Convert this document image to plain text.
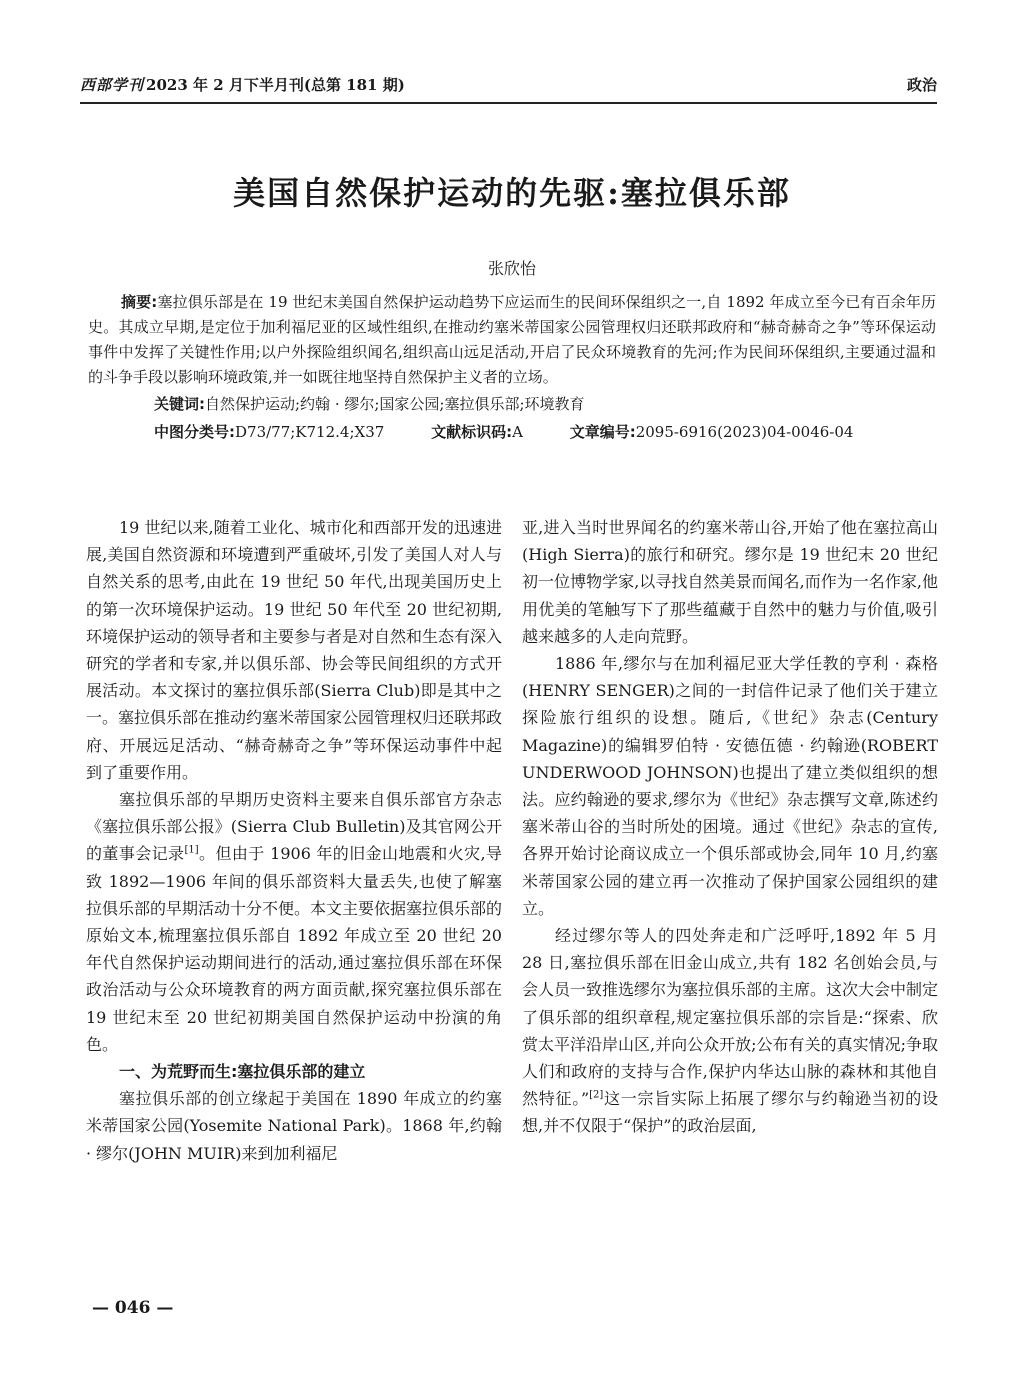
西部学刊 2023 年 2 月下半月刊(总第 181 期)	政治
美国自然保护运动的先驱:塞拉俱乐部
张欣怡

摘要:塞拉俱乐部是在 19 世纪末美国自然保护运动趋势下应运而生的民间环保组织之一,自 1892 年成立至今已有百余年历史。其成立早期,是定位于加利福尼亚的区域性组织,在推动约塞米蒂国家公园管理权归还联邦政府和“赫奇赫奇之争”等环保运动事件中发挥了关键性作用;以户外探险组织闻名,组织高山远足活动,开启了民众环境教育的先河;作为民间环保组织,主要通过温和的斗争手段以影响环境政策,并一如既往地坚持自然保护主义者的立场。

关键词:自然保护运动;约翰 · 缪尔;国家公园;塞拉俱乐部;环境教育

中图分类号:D73/77;K712.4;X37	文献标识码:A	文章编号:2095-6916(2023)04-0046-04

19 世纪以来,随着工业化、城市化和西部开发的迅速进展,美国自然资源和环境遭到严重破坏,引发了美国人对人与自然关系的思考,由此在 19 世纪 50 年代,出现美国历史上的第一次环境保护运动。19 世纪 50 年代至 20 世纪初期,环境保护运动的领导者和主要参与者是对自然和生态有深入研究的学者和专家,并以俱乐部、协会等民间组织的方式开展活动。本文探讨的塞拉俱乐部(Sierra Club)即是其中之一。塞拉俱乐部在推动约塞米蒂国家公园管理权归还联邦政府、开展远足活动、“赫奇赫奇之争”等环保运动事件中起到了重要作用。

塞拉俱乐部的早期历史资料主要来自俱乐部官方杂志《塞拉俱乐部公报》(Sierra Club Bulletin)及其官网公开的董事会记录[1]。但由于 1906 年的旧金山地震和火灾,导致 1892—1906 年间的俱乐部资料大量丢失,也使了解塞拉俱乐部的早期活动十分不便。本文主要依据塞拉俱乐部的原始文本,梳理塞拉俱乐部自 1892 年成立至 20 世纪 20 年代自然保护运动期间进行的活动,通过塞拉俱乐部在环保政治活动与公众环境教育的两方面贡献,探究塞拉俱乐部在 19 世纪末至 20 世纪初期美国自然保护运动中扮演的角色。

一、为荒野而生:塞拉俱乐部的建立

塞拉俱乐部的创立缘起于美国在 1890 年成立的约塞米蒂国家公园(Yosemite National Park)。1868 年,约翰 · 缪尔(JOHN MUIR)来到加利福尼

亚,进入当时世界闻名的约塞米蒂山谷,开始了他在塞拉高山(High Sierra)的旅行和研究。缪尔是 19 世纪末 20 世纪初一位博物学家,以寻找自然美景而闻名,而作为一名作家,他用优美的笔触写下了那些蕴藏于自然中的魅力与价值,吸引越来越多的人走向荒野。

1886 年,缪尔与在加利福尼亚大学任教的亨利 · 森格(HENRY SENGER)之间的一封信件记录了他们关于建立探险旅行组织的设想。随后,《世纪》杂志(Century Magazine)的编辑罗伯特 · 安德伍德 · 约翰逊(ROBERT UNDERWOOD JOHNSON)也提出了建立类似组织的想法。应约翰逊的要求,缪尔为《世纪》杂志撰写文章,陈述约塞米蒂山谷的当时所处的困境。通过《世纪》杂志的宣传,各界开始讨论商议成立一个俱乐部或协会,同年 10 月,约塞米蒂国家公园的建立再一次推动了保护国家公园组织的建立。

经过缪尔等人的四处奔走和广泛呼吁,1892 年 5 月 28 日,塞拉俱乐部在旧金山成立,共有 182 名创始会员,与会人员一致推选缪尔为塞拉俱乐部的主席。这次大会中制定了俱乐部的组织章程,规定塞拉俱乐部的宗旨是:“探索、欣赏太平洋沿岸山区,并向公众开放;公布有关的真实情况;争取人们和政府的支持与合作,保护内华达山脉的森林和其他自然特征。”[2]这一宗旨实际上拓展了缪尔与约翰逊当初的设想,并不仅限于“保护”的政治层面,

— 046 —
